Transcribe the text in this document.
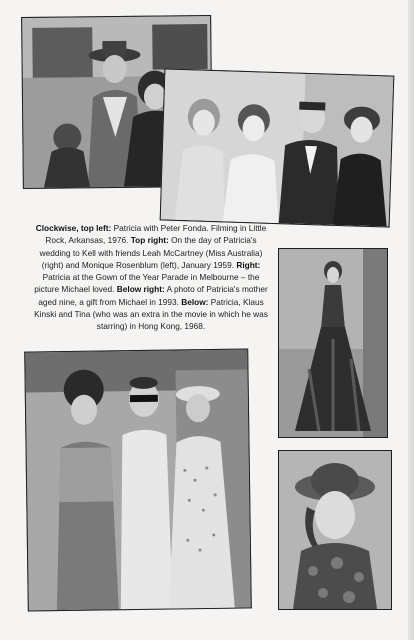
Clockwise, top left: Patricia with Peter Fonda. Filming in Little Rock, Arkansas, 1976. Top right: On the day of Patricia's wedding to Kell with friends Leah McCartney (Miss Australia) (right) and Monique Rosenblum (left), January 1959. Right: Patricia at the Gown of the Year Parade in Melbourne – the picture Michael loved. Below right: A photo of Patricia's mother aged nine, a gift from Michael in 1993. Below: Patricia, Klaus Kinski and Tina (who was an extra in the movie in which he was starring) in Hong Kong, 1968.
